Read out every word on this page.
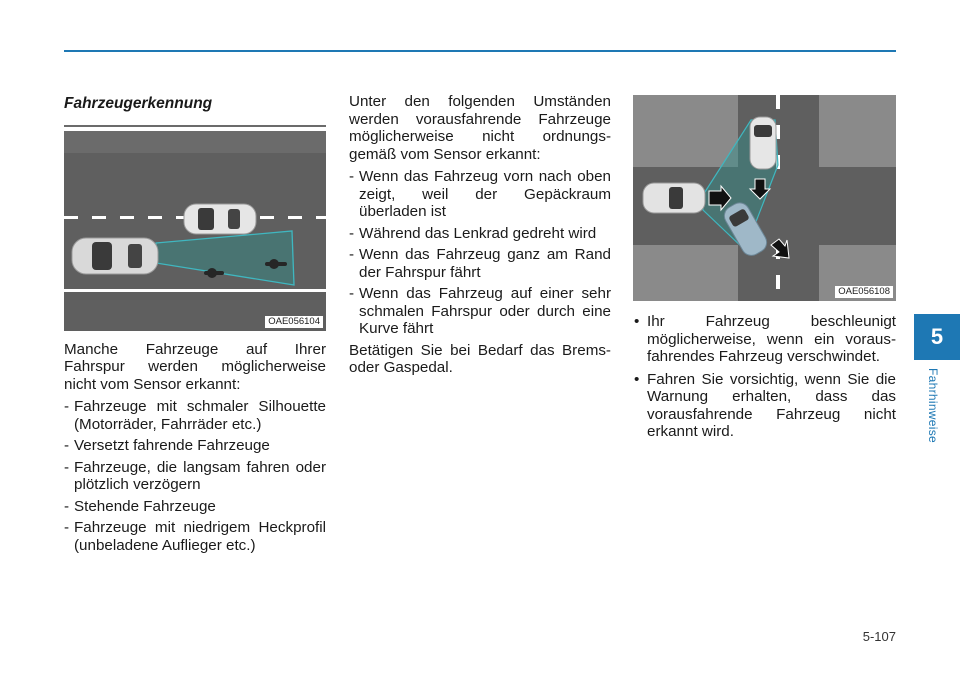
Fahrzeugerkennung
OAE056104
Manche Fahrzeuge auf Ihrer
Fahrspur werden möglicherweise
nicht vom Sensor erkannt:
- Fahrzeuge mit schmaler Silhouette (Motorräder, Fahrräder etc.)
- Versetzt fahrende Fahrzeuge
- Fahrzeuge, die langsam fahren oder plötzlich verzögern
- Stehende Fahrzeuge
- Fahrzeuge mit niedrigem Heckprofil (unbeladene Auflieger etc.)
Unter den folgenden Umständen
werden vorausfahrende Fahrzeuge
möglicherweise nicht ordnungs-
gemäß vom Sensor erkannt:
- Wenn das Fahrzeug vorn nach oben zeigt, weil der Gepäckraum überladen ist
- Während das Lenkrad gedreht wird
- Wenn das Fahrzeug ganz am Rand der Fahrspur fährt
- Wenn das Fahrzeug auf einer sehr schmalen Fahrspur oder durch eine Kurve fährt
Betätigen Sie bei Bedarf das Brems- oder Gaspedal.
OAE056108
• Ihr Fahrzeug beschleunigt möglicherweise, wenn ein voraus-fahrendes Fahrzeug verschwindet.
• Fahren Sie vorsichtig, wenn Sie die Warnung erhalten, dass das vorausfahrende Fahrzeug nicht erkannt wird.
5
Fahrhinweise
5-107
